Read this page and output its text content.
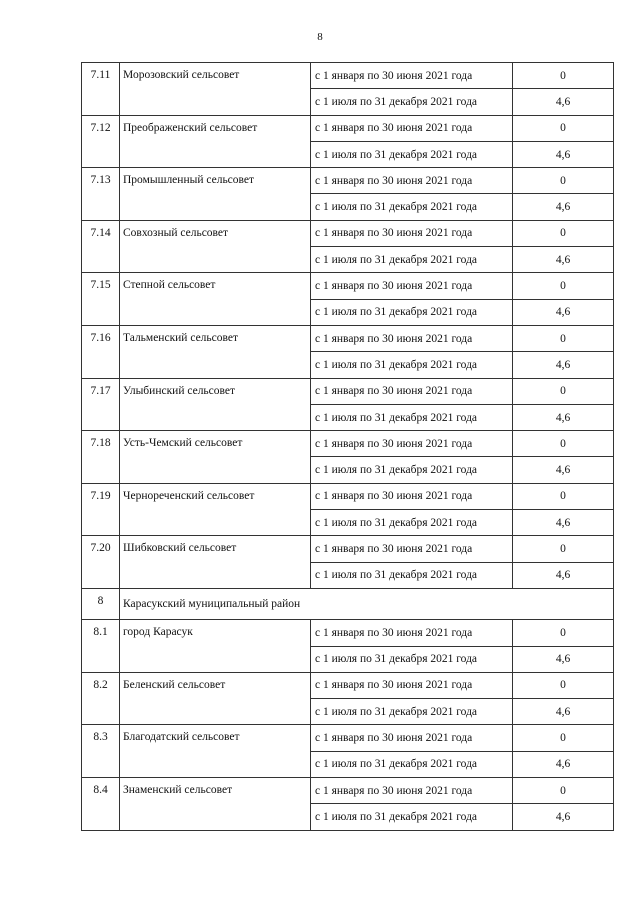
8
7.11	Морозовский сельсовет	с 1 января по 30 июня 2021 года	0
		с 1 июля по 31 декабря 2021 года	4,6
7.12	Преображенский сельсовет	с 1 января по 30 июня 2021 года	0
		с 1 июля по 31 декабря 2021 года	4,6
7.13	Промышленный сельсовет	с 1 января по 30 июня 2021 года	0
		с 1 июля по 31 декабря 2021 года	4,6
7.14	Совхозный сельсовет	с 1 января по 30 июня 2021 года	0
		с 1 июля по 31 декабря 2021 года	4,6
7.15	Степной сельсовет	с 1 января по 30 июня 2021 года	0
		с 1 июля по 31 декабря 2021 года	4,6
7.16	Тальменский сельсовет	с 1 января по 30 июня 2021 года	0
		с 1 июля по 31 декабря 2021 года	4,6
7.17	Улыбинский сельсовет	с 1 января по 30 июня 2021 года	0
		с 1 июля по 31 декабря 2021 года	4,6
7.18	Усть-Чемский сельсовет	с 1 января по 30 июня 2021 года	0
		с 1 июля по 31 декабря 2021 года	4,6
7.19	Чернореченский сельсовет	с 1 января по 30 июня 2021 года	0
		с 1 июля по 31 декабря 2021 года	4,6
7.20	Шибковский сельсовет	с 1 января по 30 июня 2021 года	0
		с 1 июля по 31 декабря 2021 года	4,6
8	Карасукский муниципальный район		
8.1	город Карасук	с 1 января по 30 июня 2021 года	0
		с 1 июля по 31 декабря 2021 года	4,6
8.2	Беленский сельсовет	с 1 января по 30 июня 2021 года	0
		с 1 июля по 31 декабря 2021 года	4,6
8.3	Благодатский сельсовет	с 1 января по 30 июня 2021 года	0
		с 1 июля по 31 декабря 2021 года	4,6
8.4	Знаменский сельсовет	с 1 января по 30 июня 2021 года	0
		с 1 июля по 31 декабря 2021 года	4,6
